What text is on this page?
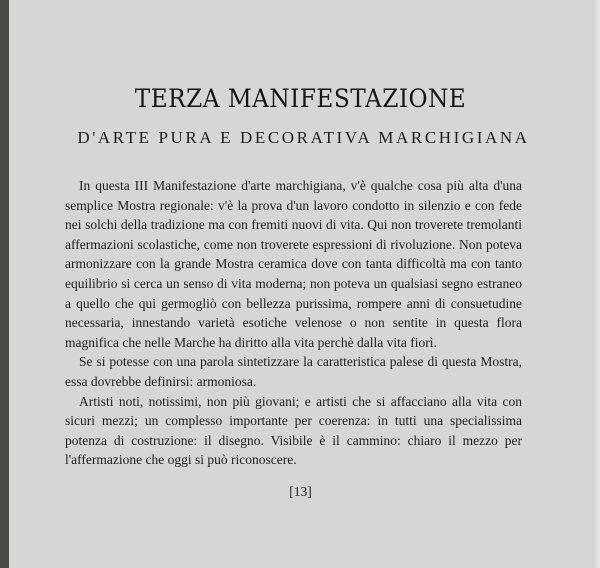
TERZA MANIFESTAZIONE
D'ARTE PURA E DECORATIVA MARCHIGIANA

In questa III Manifestazione d'arte marchigiana, v'è qualche cosa più alta d'una semplice Mostra regionale: v'è la prova d'un lavoro condotto in silenzio e con fede nei solchi della tradizione ma con fremiti nuovi di vita. Qui non troverete tremolanti affermazioni scolastiche, come non troverete espressioni di rivoluzione. Non poteva armonizzare con la grande Mostra ceramica dove con tanta difficoltà ma con tanto equilibrio si cerca un senso di vita moderna; non poteva un qualsiasi segno estraneo a quello che qui germogliò con bellezza purissima, rompere anni di consuetudine necessaria, innestando varietà esotiche velenose o non sentite in questa flora magnifica che nelle Marche ha diritto alla vita perchè dalla vita fiorì.

Se si potesse con una parola sintetizzare la caratteristica palese di questa Mostra, essa dovrebbe definirsi: armoniosa.

Artisti noti, notissimi, non più giovani; e artisti che si affacciano alla vita con sicuri mezzi; un complesso importante per coerenza: in tutti una specialissima potenza di costruzione: il disegno. Visibile è il cammino: chiaro il mezzo per l'affermazione che oggi si può riconoscere.

[13]
